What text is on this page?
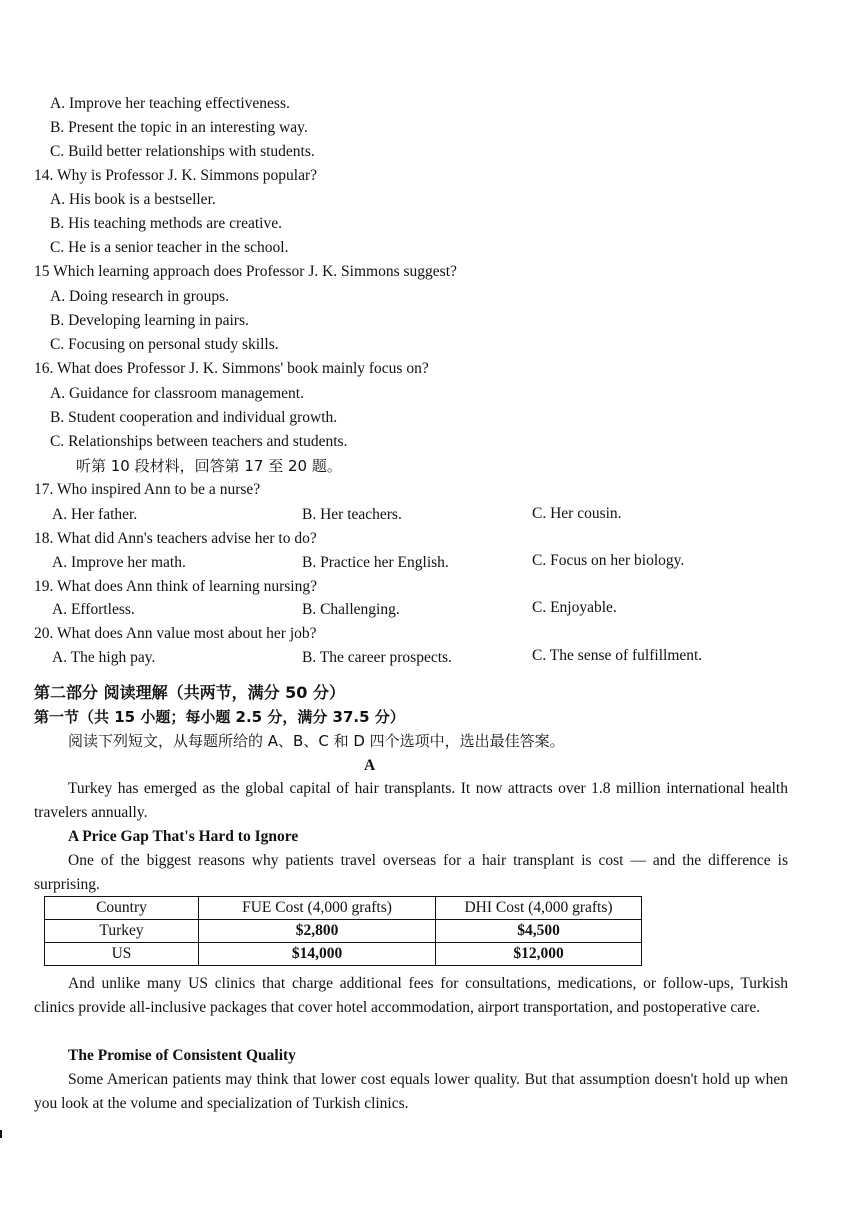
A. Improve her teaching effectiveness.
B. Present the topic in an interesting way.
C. Build better relationships with students.
14. Why is Professor J. K. Simmons popular?
A. His book is a bestseller.
B. His teaching methods are creative.
C. He is a senior teacher in the school.
15 Which learning approach does Professor J. K. Simmons suggest?
A. Doing research in groups.
B. Developing learning in pairs.
C. Focusing on personal study skills.
16. What does Professor J. K. Simmons' book mainly focus on?
A. Guidance for classroom management.
B. Student cooperation and individual growth.
C. Relationships between teachers and students.
听第 10 段材料，回答第 17 至 20 题。
17. Who inspired Ann to be a nurse?
A. Her father.	B. Her teachers.	C. Her cousin.
18. What did Ann's teachers advise her to do?
A. Improve her math.	B. Practice her English.	C. Focus on her biology.
19. What does Ann think of learning nursing?
A. Effortless.	B. Challenging.	C. Enjoyable.
20. What does Ann value most about her job?
A. The high pay.	B. The career prospects.	C. The sense of fulfillment.
第二部分 阅读理解（共两节，满分 50 分）
第一节（共 15 小题；每小题 2.5 分，满分 37.5 分）
阅读下列短文，从每题所给的 A、B、C 和 D 四个选项中，选出最佳答案。
A
Turkey has emerged as the global capital of hair transplants. It now attracts over 1.8 million international health travelers annually.
A Price Gap That's Hard to Ignore
One of the biggest reasons why patients travel overseas for a hair transplant is cost — and the difference is surprising.
Country	FUE Cost (4,000 grafts)	DHI Cost (4,000 grafts)
Turkey	$2,800	$4,500
US	$14,000	$12,000
And unlike many US clinics that charge additional fees for consultations, medications, or follow-ups, Turkish clinics provide all-inclusive packages that cover hotel accommodation, airport transportation, and postoperative care.
The Promise of Consistent Quality
Some American patients may think that lower cost equals lower quality. But that assumption doesn't hold up when you look at the volume and specialization of Turkish clinics.
